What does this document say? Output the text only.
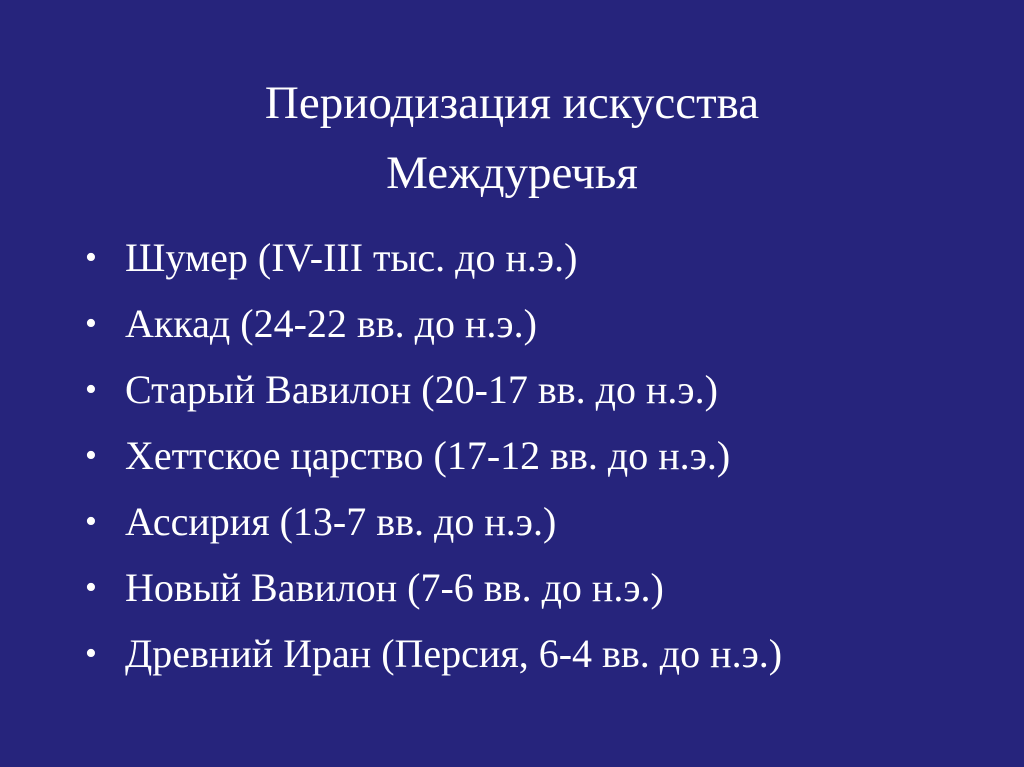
Периодизация искусства
Междуречья
• Шумер (IV-III тыс. до н.э.)
• Аккад (24-22 вв. до н.э.)
• Старый Вавилон (20-17 вв. до н.э.)
• Хеттское царство (17-12 вв. до н.э.)
• Ассирия (13-7 вв. до н.э.)
• Новый Вавилон (7-6 вв. до н.э.)
• Древний Иран (Персия, 6-4 вв. до н.э.)
